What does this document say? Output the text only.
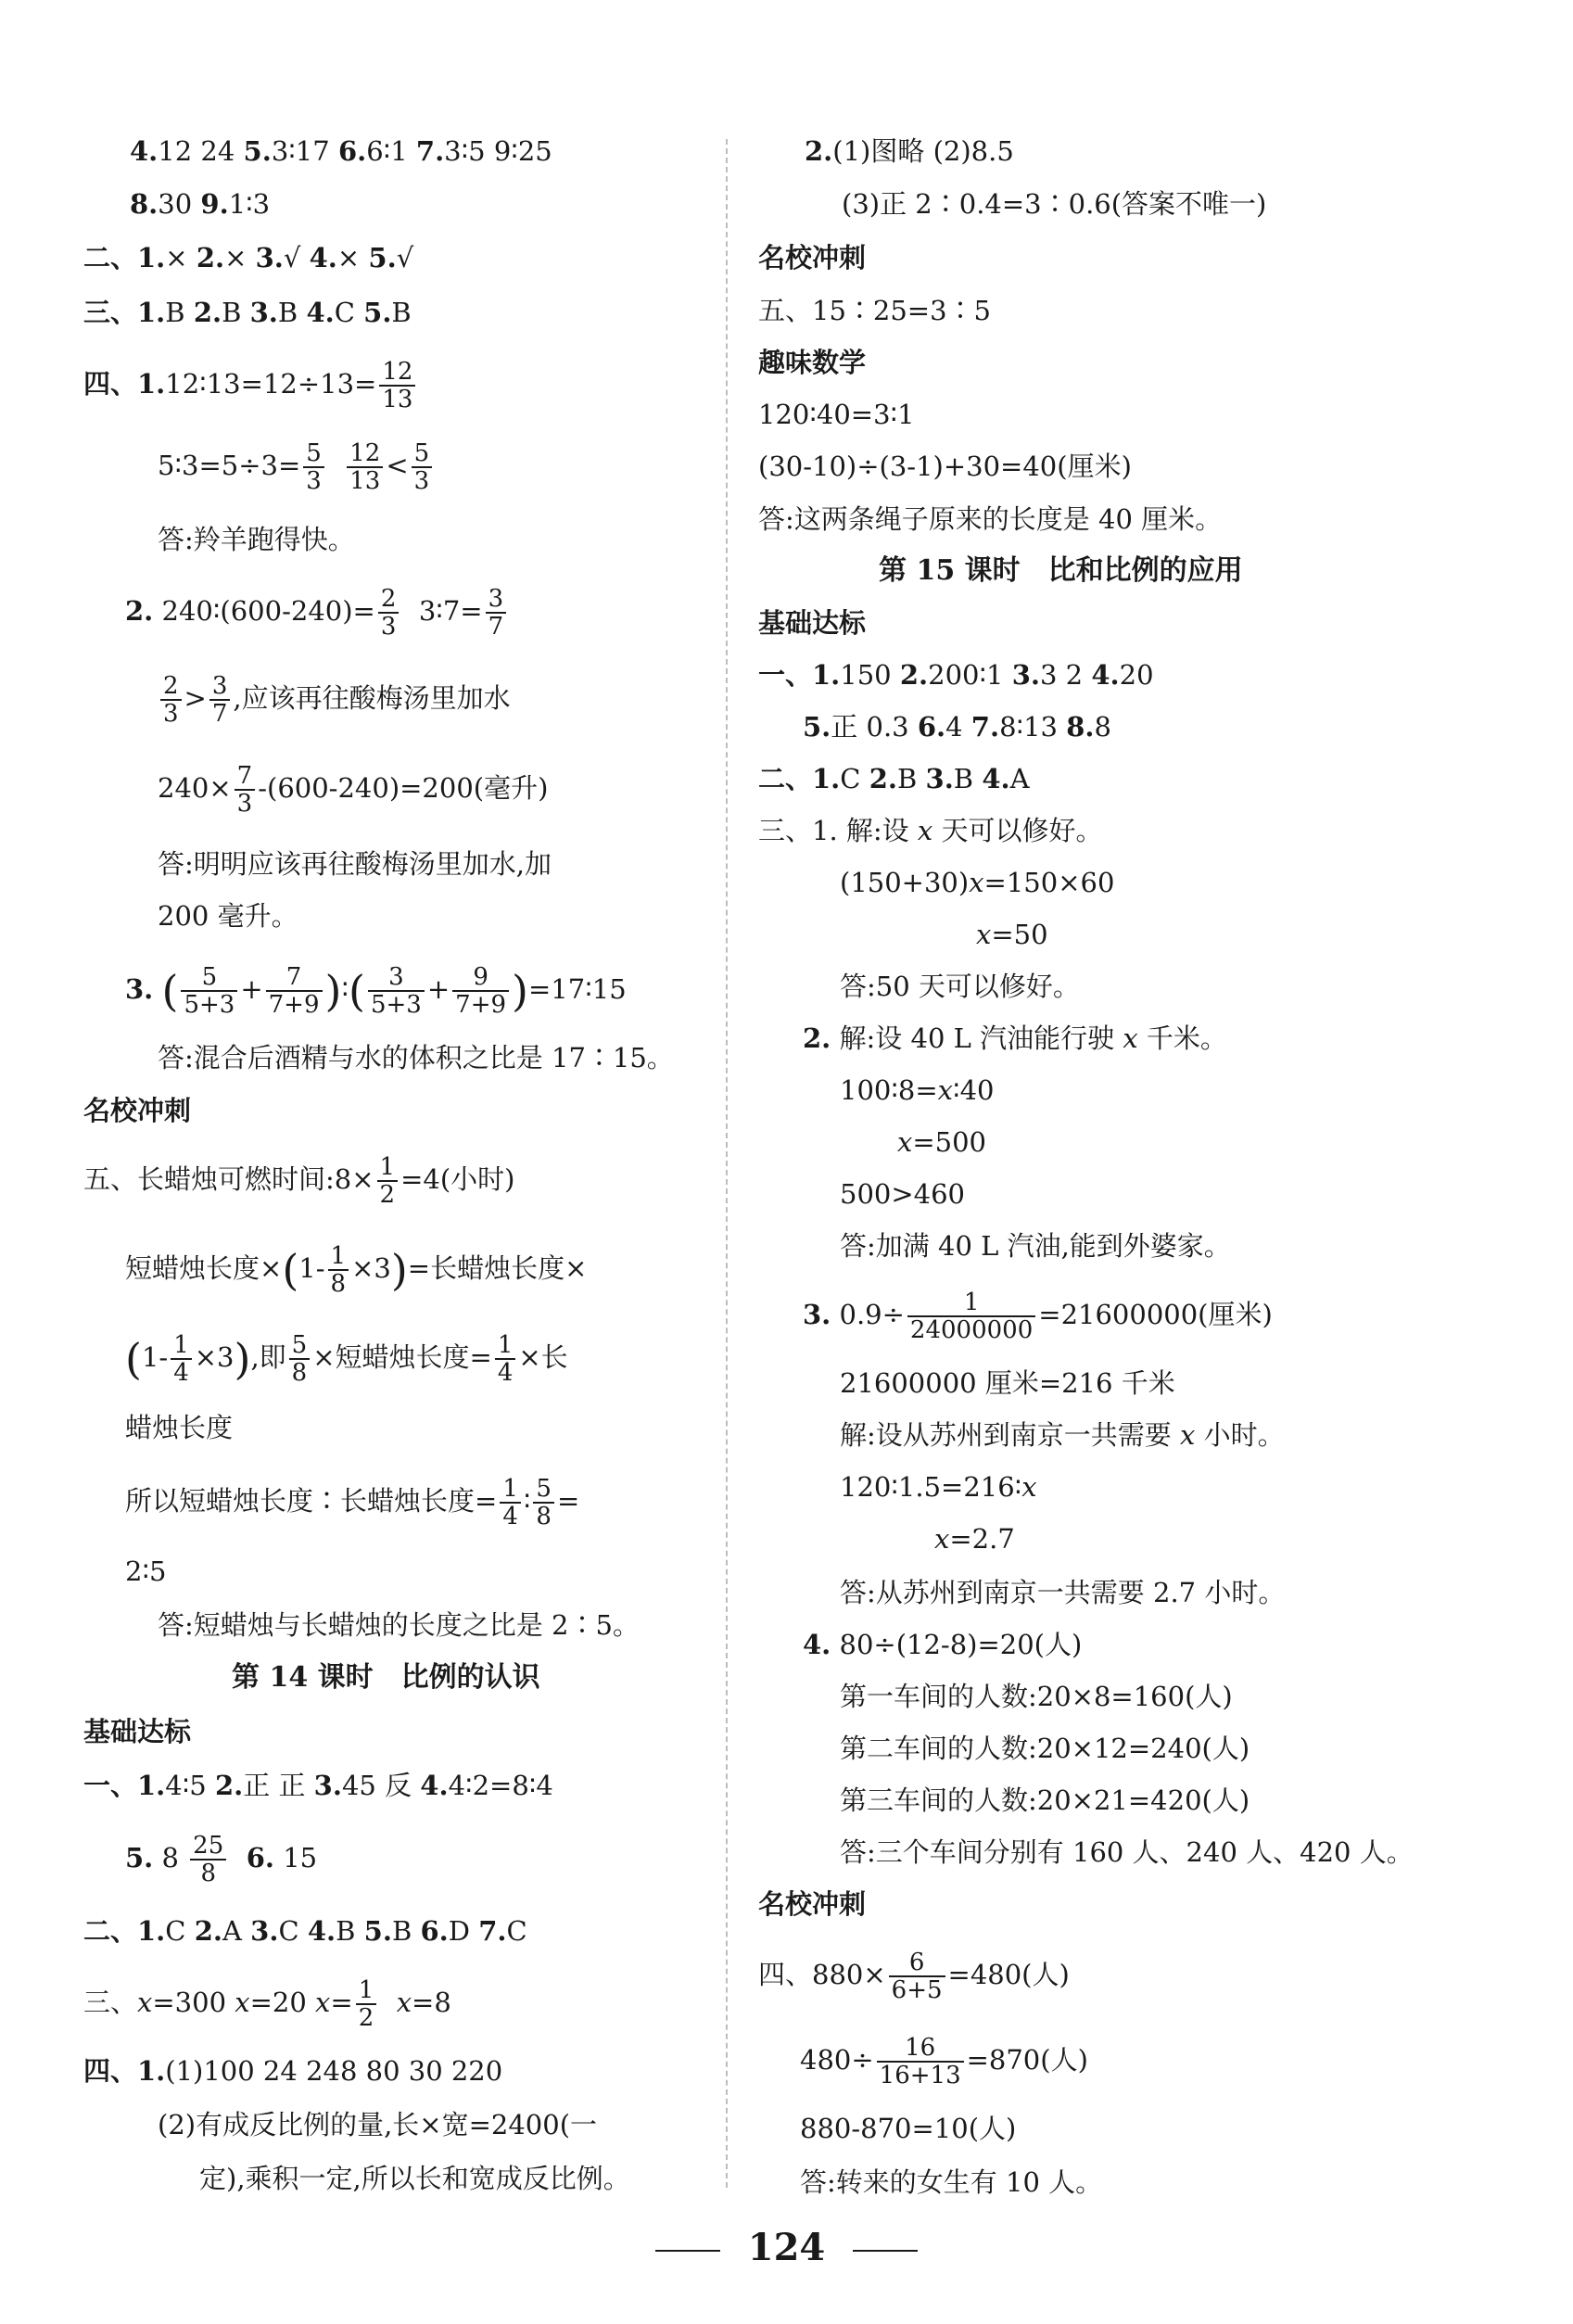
4.12 24 5.3∶17 6.6∶1 7.3∶5 9∶25
8.30 9.1∶3
二、1.× 2.× 3.√ 4.× 5.√
三、1.B 2.B 3.B 4.C 5.B
四、1.12∶13=12÷13= $\frac{12}{13}$
5∶3=5÷3= $\frac{5}{3}$
$\frac{12}{13} < \frac{5}{3}$
答:羚羊跑得快。
2. 240∶(600-240)= $\frac{2}{3}$ 3∶7= $\frac{3}{7}$
$\frac{2}{3} > \frac{3}{7}$ ,应该再往酸梅汤里加水
$240\times \frac{7}{3} -(600-240)=200$(毫升)
答:明明应该再往酸梅汤里加水,加
200 毫升。
3. ( $\frac{5}{5+3} + \frac{7}{7+9}$ )∶( $\frac{3}{5+3} + \frac{9}{7+9}$ )=17∶15
答:混合后酒精与水的体积之比是 17∶15。
名校冲刺
五、长蜡烛可燃时间:8× $\frac{1}{2} =4$(小时)
短蜡烛长度$\times(1- \frac{1}{8} \times 3)=$长蜡烛长度×
$(1- \frac{1}{4} \times 3)$,即 $\frac{5}{8}$ ×短蜡烛长度= $\frac{1}{4}$ ×长
蜡烛长度
所以短蜡烛长度∶长蜡烛长度= $\frac{1}{4}$ ∶ $\frac{5}{8}$ =
2∶5
答:短蜡烛与长蜡烛的长度之比是 2∶5。
第 14 课时　比例的认识
基础达标
一、1.4∶5 2.正 正 3.45 反 4.4∶2=8∶4
5. $8 \frac{25}{8} 6$. 15
二、1.C 2.A 3.C 4.B 5.B 6.D 7.C
三、x=300 x=20 $x= \frac{1}{2} x=8$
四、1.(1)100 24 248 80 30 220
(2)有成反比例的量,长×宽=2400(一
定),乘积一定,所以长和宽成反比例。
2.(1)图略 (2)8.5
(3)正 2∶0.4=3∶0.6(答案不唯一)
名校冲刺
五、15∶25=3∶5
趣味数学
120∶40=3∶1
(30-10)÷(3-1)+30=40(厘米)
答:这两条绳子原来的长度是 40 厘米。
第 15 课时　比和比例的应用
基础达标
一、1.150 2.200∶1 3.3 2 4.20
5.正 0.3 6.4 7.8∶13 8.8
二、1.C 2.B 3.B 4.A
三、1. 解:设 x 天可以修好。
(150+30)x=150×60
x=50
答:50 天可以修好。
2. 解:设 40 L 汽油能行驶 x 千米。
100∶8=x∶40
x=500
500>460
答:加满 40 L 汽油,能到外婆家。
3. $0.9\div \frac{1}{24000000} =21600000$(厘米)
21600000 厘米=216 千米
解:设从苏州到南京一共需要 x 小时。
120∶1.5=216∶x
x=2.7
答:从苏州到南京一共需要 2.7 小时。
4. 80÷(12-8)=20(人)
第一车间的人数:20×8=160(人)
第二车间的人数:20×12=240(人)
第三车间的人数:20×21=420(人)
答:三个车间分别有 160 人、240 人、420 人。
名校冲刺
四、$880\times \frac{6}{6+5} =480$(人)
$480\div \frac{16}{16+13} =870$(人)
880-870=10(人)
答:转来的女生有 10 人。
124
